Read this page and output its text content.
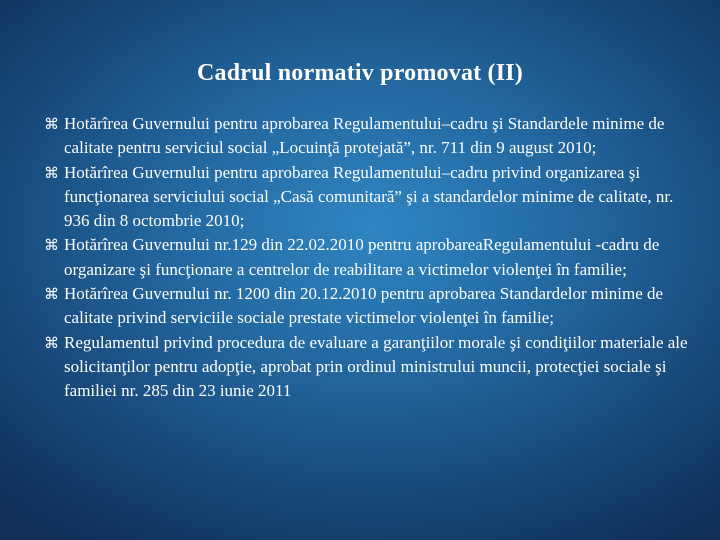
Cadrul normativ promovat (II)
⌘ Hotărîrea Guvernului pentru aprobarea Regulamentului–cadru şi Standardele minime de calitate pentru serviciul social „Locuinţă protejată”, nr. 711 din 9 august 2010;
⌘ Hotărîrea Guvernului pentru aprobarea Regulamentului–cadru privind organizarea şi funcţionarea serviciului social „Casă comunitară” şi a standardelor minime de calitate, nr. 936 din 8 octombrie 2010;
⌘ Hotărîrea Guvernului nr.129 din 22.02.2010 pentru aprobareaRegulamentului -cadru de organizare şi funcţionare a centrelor de reabilitare a victimelor violenţei în familie;
⌘ Hotărîrea Guvernului nr. 1200 din 20.12.2010 pentru aprobarea Standardelor minime de calitate privind serviciile sociale prestate victimelor violenţei în familie;
⌘ Regulamentul privind procedura de evaluare a garanţiilor morale şi condiţiilor materiale ale solicitanţilor pentru adopţie, aprobat prin ordinul ministrului muncii, protecţiei sociale şi familiei nr. 285 din 23 iunie 2011
